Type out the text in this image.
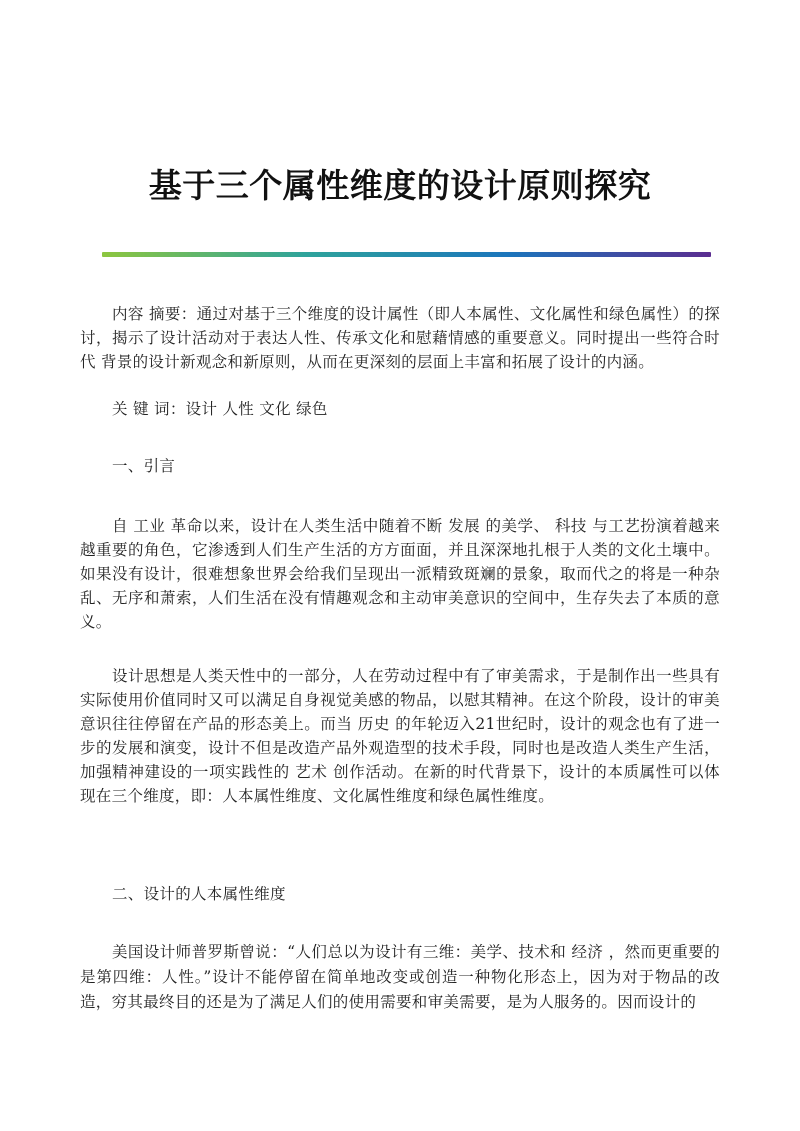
基于三个属性维度的设计原则探究

内容 摘要：通过对基于三个维度的设计属性（即人本属性、文化属性和绿色属性）的探讨，揭示了设计活动对于表达人性、传承文化和慰藉情感的重要意义。同时提出一些符合时代 背景的设计新观念和新原则，从而在更深刻的层面上丰富和拓展了设计的内涵。

关 键 词：设计 人性 文化 绿色

一、引言

自 工业 革命以来，设计在人类生活中随着不断 发展 的美学、 科技 与工艺扮演着越来越重要的角色，它渗透到人们生产生活的方方面面，并且深深地扎根于人类的文化土壤中。如果没有设计，很难想象世界会给我们呈现出一派精致斑斓的景象，取而代之的将是一种杂乱、无序和萧索，人们生活在没有情趣观念和主动审美意识的空间中，生存失去了本质的意义。

设计思想是人类天性中的一部分，人在劳动过程中有了审美需求，于是制作出一些具有实际使用价值同时又可以满足自身视觉美感的物品，以慰其精神。在这个阶段，设计的审美意识往往停留在产品的形态美上。而当 历史 的年轮迈入21世纪时，设计的观念也有了进一步的发展和演变，设计不但是改造产品外观造型的技术手段，同时也是改造人类生产生活，加强精神建设的一项实践性的 艺术 创作活动。在新的时代背景下，设计的本质属性可以体现在三个维度，即：人本属性维度、文化属性维度和绿色属性维度。

二、设计的人本属性维度

美国设计师普罗斯曾说：“人们总以为设计有三维：美学、技术和 经济 ，然而更重要的是第四维：人性。”设计不能停留在简单地改变或创造一种物化形态上，因为对于物品的改造，穷其最终目的还是为了满足人们的使用需要和审美需要，是为人服务的。因而设计的
